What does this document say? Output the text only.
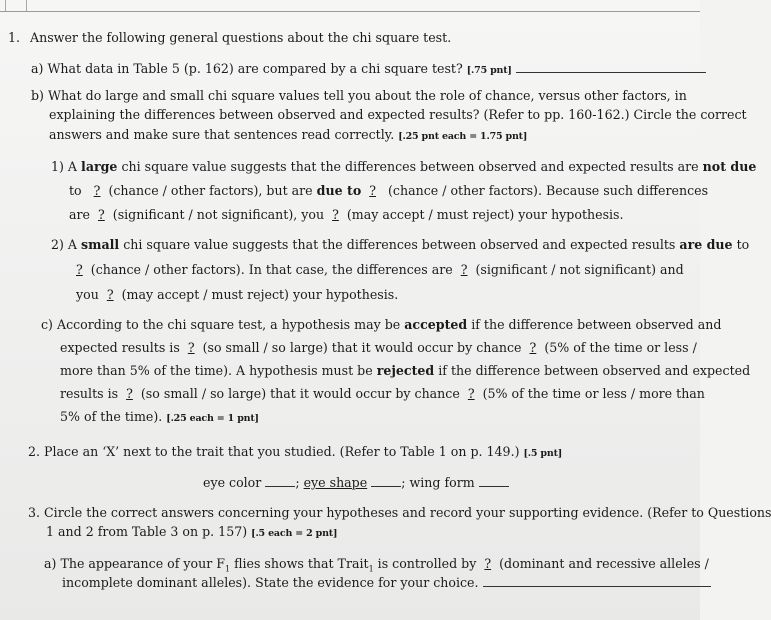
1. Answer the following general questions about the chi square test.
a) What data in Table 5 (p. 162) are compared by a chi square test? [.75 pnt]
b) What do large and small chi square values tell you about the role of chance, versus other factors, in
explaining the differences between observed and expected results? (Refer to pp. 160-162.) Circle the correct
answers and make sure that sentences read correctly. [.25 pnt each = 1.75 pnt]
1) A large chi square value suggests that the differences between observed and expected results are not due
to ? (chance / other factors), but are due to ? (chance / other factors). Because such differences
are ? (significant / not significant), you ? (may accept / must reject) your hypothesis.
2) A small chi square value suggests that the differences between observed and expected results are due to
? (chance / other factors). In that case, the differences are ? (significant / not significant) and
you ? (may accept / must reject) your hypothesis.
c) According to the chi square test, a hypothesis may be accepted if the difference between observed and
expected results is ? (so small / so large) that it would occur by chance ? (5% of the time or less /
more than 5% of the time). A hypothesis must be rejected if the difference between observed and expected
results is ? (so small / so large) that it would occur by chance ? (5% of the time or less / more than
5% of the time). [.25 each = 1 pnt]
2. Place an ‘X’ next to the trait that you studied. (Refer to Table 1 on p. 149.) [.5 pnt]
eye color	; eye shape	; wing form
3. Circle the correct answers concerning your hypotheses and record your supporting evidence. (Refer to Questions
1 and 2 from Table 3 on p. 157) [.5 each = 2 pnt]
a) The appearance of your $F_1$ flies shows that Trait$_1$ is controlled by ? (dominant and recessive alleles /
incomplete dominant alleles). State the evidence for your choice.
